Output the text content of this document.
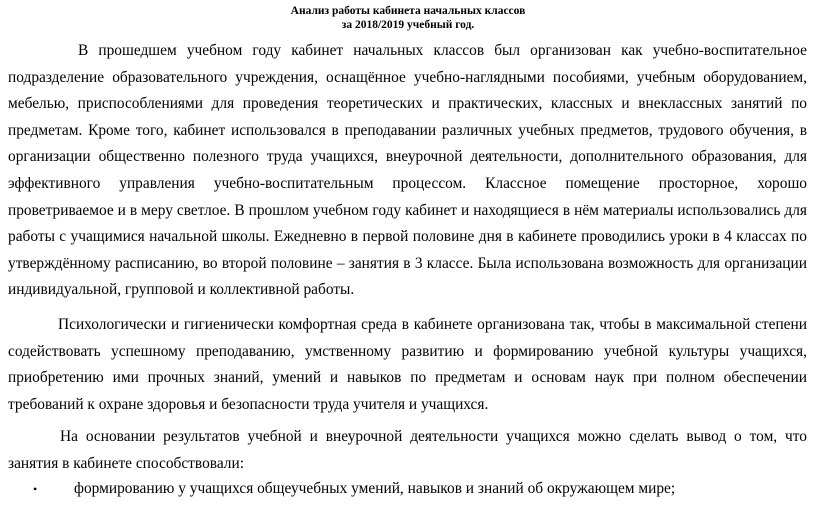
Анализ работы кабинета начальных классов
за 2018/2019 учебный год.

В прошедшем учебном году кабинет начальных классов был организован как учебно-воспитательное подразделение образовательного учреждения, оснащённое учебно-наглядными пособиями, учебным оборудованием, мебелью, приспособлениями для проведения теоретических и практических, классных и внеклассных занятий по предметам. Кроме того, кабинет использовался в преподавании различных учебных предметов, трудового обучения, в организации общественно полезного труда учащихся, внеурочной деятельности, дополнительного образования, для эффективного управления учебно-воспитательным процессом. Классное помещение просторное, хорошо проветриваемое и в меру светлое. В прошлом учебном году кабинет и находящиеся в нём материалы использовались для работы с учащимися начальной школы. Ежедневно в первой половине дня в кабинете проводились уроки в 4 классах по утверждённому расписанию, во второй половине – занятия в 3 классе. Была использована возможность для организации индивидуальной, групповой и коллективной работы.

Психологически и гигиенически комфортная среда в кабинете организована так, чтобы в максимальной степени содействовать успешному преподаванию, умственному развитию и формированию учебной культуры учащихся, приобретению ими прочных знаний, умений и навыков по предметам и основам наук при полном обеспечении требований к охране здоровья и безопасности труда учителя и учащихся.

На основании результатов учебной и внеурочной деятельности учащихся можно сделать вывод о том, что занятия в кабинете способствовали:

• формированию у учащихся общеучебных умений, навыков и знаний об окружающем мире;
